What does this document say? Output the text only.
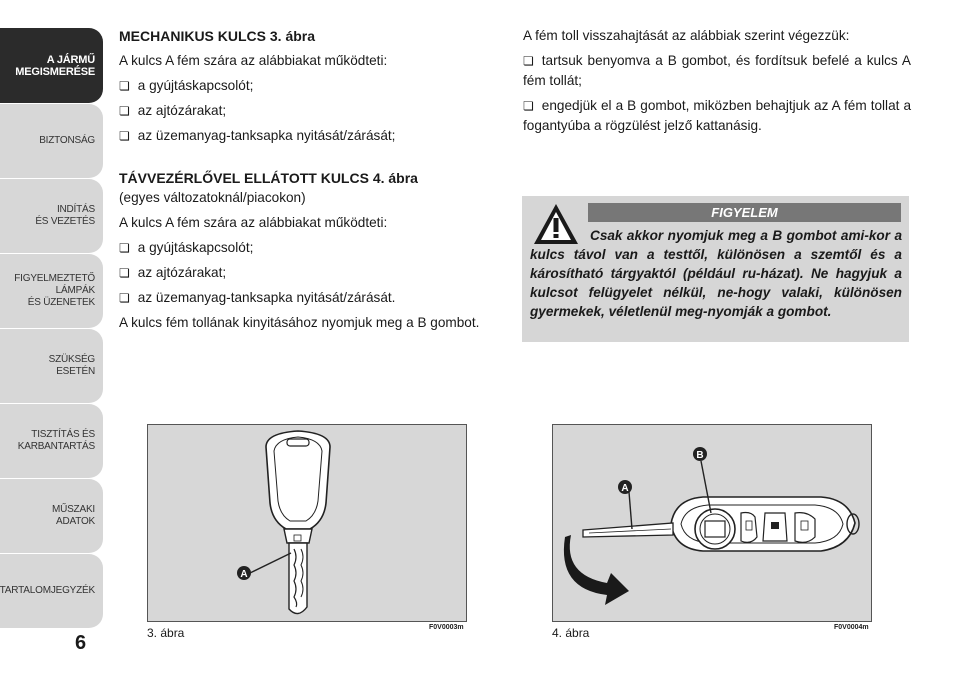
A JÁRMŰ
MEGISMERÉSE
BIZTONSÁG
INDÍTÁS
ÉS VEZETÉS
FIGYELMEZTETŐ
LÁMPÁK
ÉS ÜZENETEK
SZÜKSÉG
ESETÉN
TISZTÍTÁS ÉS
KARBANTARTÁS
MŰSZAKI
ADATOK
TARTALOMJEGYZÉK
6

MECHANIKUS KULCS 3. ábra

A kulcs A fém szára az alábbiakat működteti:

❏ a gyújtáskapcsolót;

❏ az ajtózárakat;

❏ az üzemanyag-tanksapka nyitását/zárását;

TÁVVEZÉRLŐVEL ELLÁTOTT KULCS 4. ábra

(egyes változatoknál/piacokon)

A kulcs A fém szára az alábbiakat működteti:

❏ a gyújtáskapcsolót;

❏ az ajtózárakat;

❏ az üzemanyag-tanksapka nyitását/zárását.

A kulcs fém tollának kinyitásához nyomjuk meg a B gombot.

A fém toll visszahajtását az alábbiak szerint végezzük:

❏ tartsuk benyomva a B gombot, és fordítsuk befelé a kulcs A fém tollát;

❏ engedjük el a B gombot, miközben behajtjuk az A fém tollat a fogantyúba a rögzülést jelző kattanásig.

FIGYELEM
Csak akkor nyomjuk meg a B gombot ami-kor a kulcs távol van a testtől, különösen a szemtől és a károsítható tárgyaktól (például ru-házat). Ne hagyjuk a kulcsot felügyelet nélkül, ne-hogy valaki, különösen gyermekek, véletlenül meg-nyomják a gombot.
A
3. ábra	F0V0003m
A
B
4. ábra	F0V0004m
